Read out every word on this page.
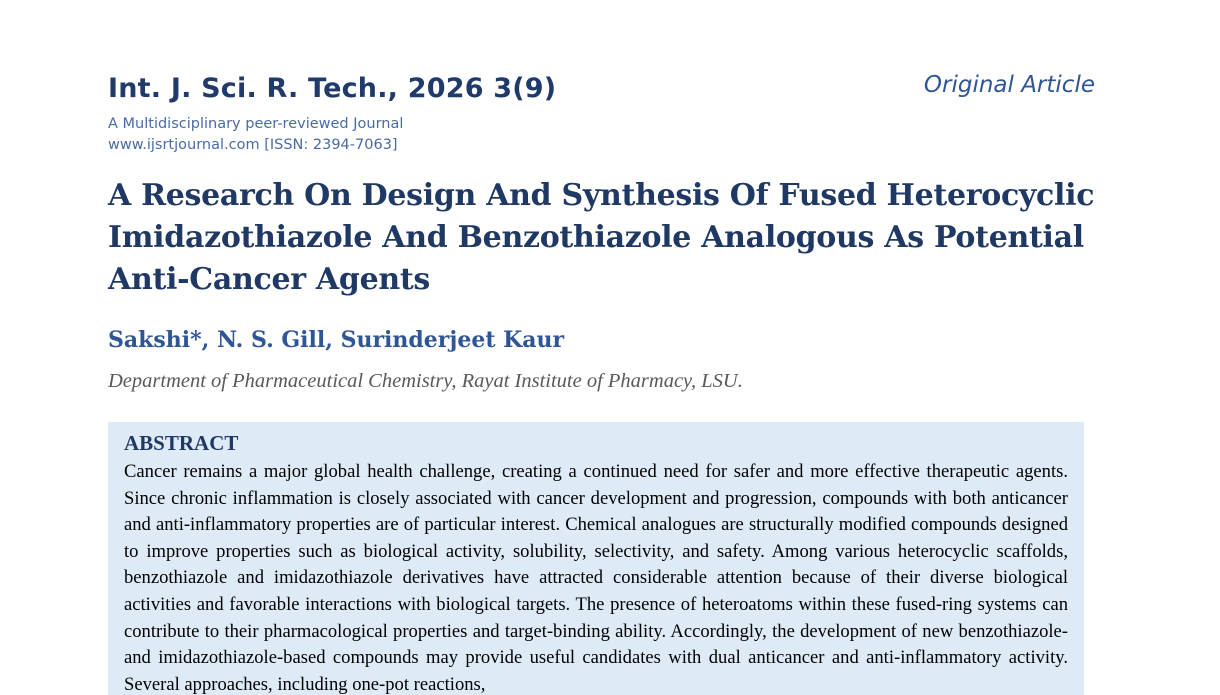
Int. J. Sci. R. Tech., 2026 3(9)	Original Article
A Multidisciplinary peer-reviewed Journal
www.ijsrtjournal.com [ISSN: 2394-7063]
A Research On Design And Synthesis Of Fused Heterocyclic Imidazothiazole And Benzothiazole Analogous As Potential Anti-Cancer Agents
Sakshi*, N. S. Gill, Surinderjeet Kaur
Department of Pharmaceutical Chemistry, Rayat Institute of Pharmacy, LSU.
ABSTRACT
Cancer remains a major global health challenge, creating a continued need for safer and more effective therapeutic agents. Since chronic inflammation is closely associated with cancer development and progression, compounds with both anticancer and anti-inflammatory properties are of particular interest. Chemical analogues are structurally modified compounds designed to improve properties such as biological activity, solubility, selectivity, and safety. Among various heterocyclic scaffolds, benzothiazole and imidazothiazole derivatives have attracted considerable attention because of their diverse biological activities and favorable interactions with biological targets. The presence of heteroatoms within these fused-ring systems can contribute to their pharmacological properties and target-binding ability. Accordingly, the development of new benzothiazole- and imidazothiazole-based compounds may provide useful candidates with dual anticancer and anti-inflammatory activity. Several approaches, including one-pot reactions,
